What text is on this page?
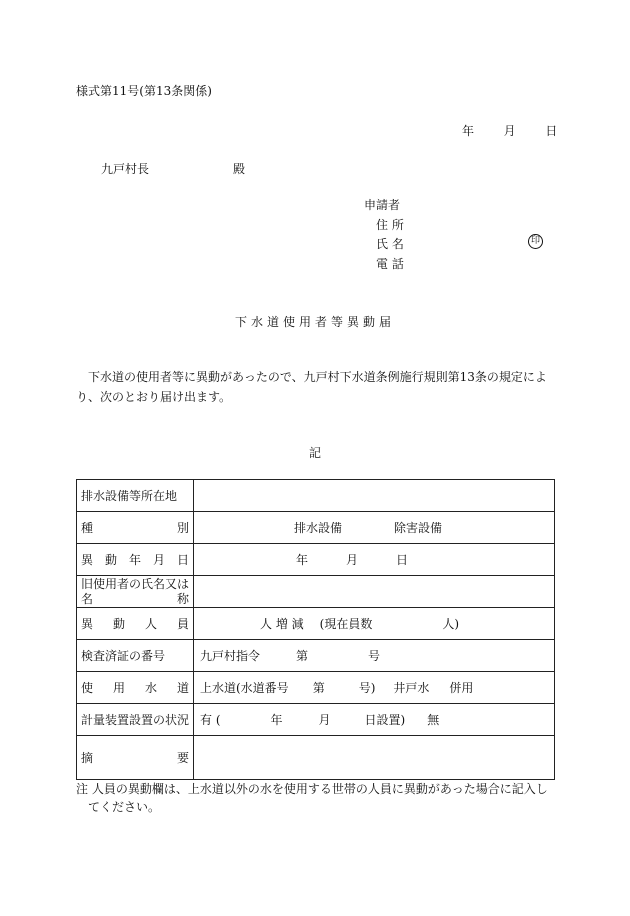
様式第11号(第13条関係)
年 月 日
九戸村長	殿
申請者
住 所
氏 名
電 話
印
下水道使用者等異動届
下水道の使用者等に異動があったので、九戸村下水道条例施行規則第13条の規定により、次のとおり届け出ます。
記
排水設備等所在地	

種 別	排水設備 除害設備

異 動 年 月 日	年 月 日

旧使用者の氏名又は
名 称	

異 動 人 員	人 増 減 (現在員数 人)

検査済証の番号	九戸村指令 第 号

使 用 水 道	上水道(水道番号 第 号) 井戸水 併用
計量装置設置の状況	有 ( 年 月 日設置) 無

摘 要	

注 人員の異動欄は、上水道以外の水を使用する世帯の人員に異動があった場合に記入し
てください。
